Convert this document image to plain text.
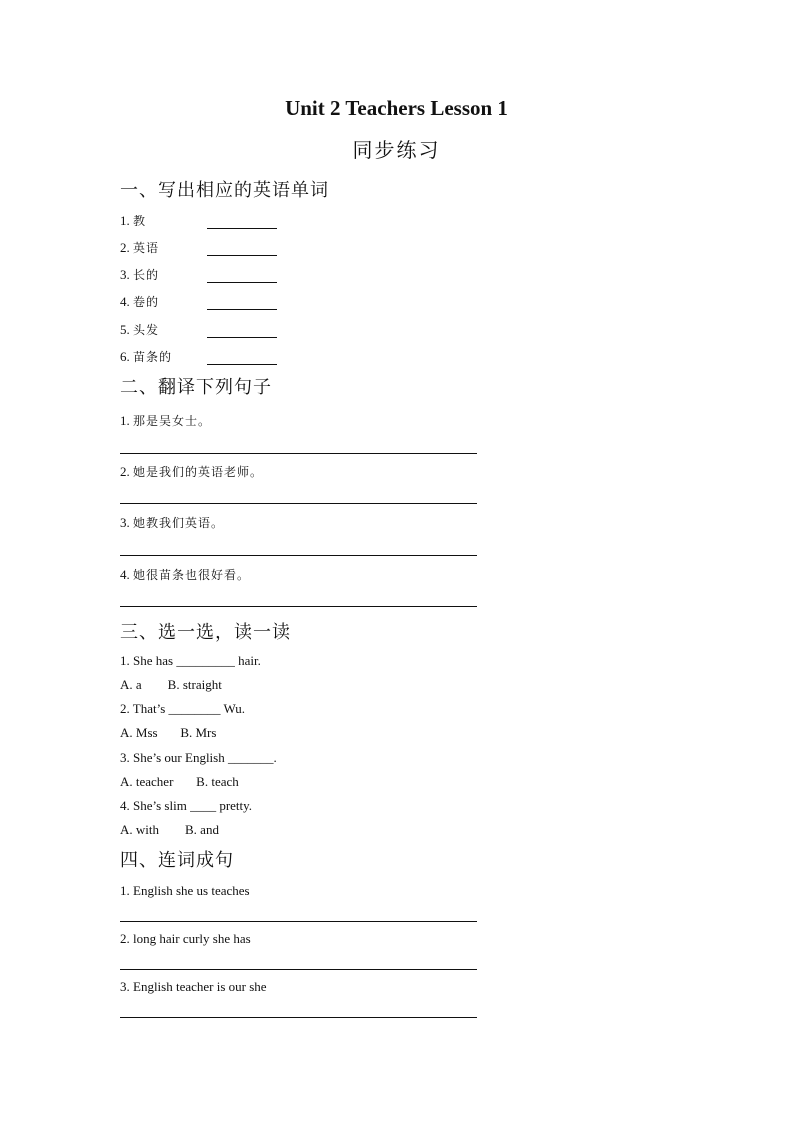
Unit 2 Teachers Lesson 1
同步练习
一、写出相应的英语单词
1. 教
2. 英语
3. 长的
4. 卷的
5. 头发
6. 苗条的
二、翻译下列句子
1. 那是吴女士。
2. 她是我们的英语老师。
3. 她教我们英语。
4. 她很苗条也很好看。
三、选一选，读一读
1. She has _________ hair.
A. a        B. straight
2. That’s ________ Wu.
A. Mss       B. Mrs
3. She’s our English _______.
A. teacher       B. teach
4. She’s slim ____ pretty.
A. with        B. and
四、连词成句
1. English she us teaches
2. long hair curly she has
3. English teacher is our she
